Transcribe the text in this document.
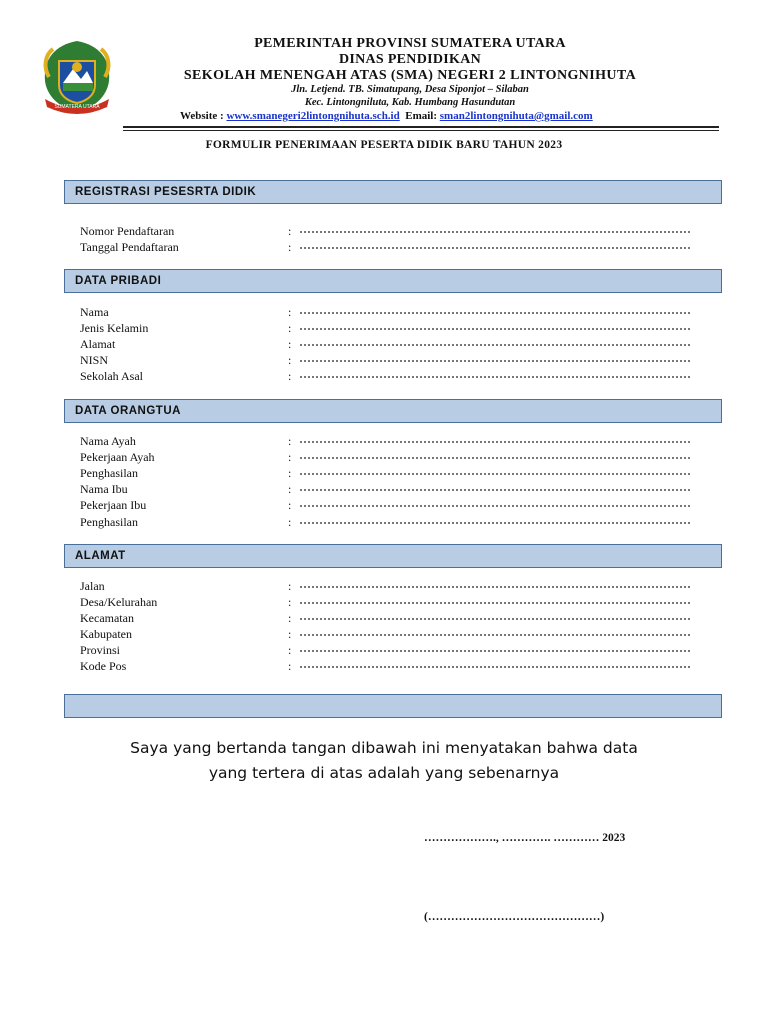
SUMATERA UTARA
PEMERINTAH PROVINSI SUMATERA UTARA
DINAS PENDIDIKAN
SEKOLAH MENENGAH ATAS (SMA) NEGERI 2 LINTONGNIHUTA
Jln. Letjend. TB. Simatupang, Desa Siponjot – Silaban
Kec. Lintongniluta, Kab. Humbang Hasundutan
Website : www.smanegeri2lintongnihuta.sch.id Email: sman2lintongnihuta@gmail.com
FORMULIR PENERIMAAN PESERTA DIDIK BARU TAHUN 2023
REGISTRASI PESESRTA DIDIK
Nomor Pendaftaran	:
Tanggal Pendaftaran	:
DATA PRIBADI
Nama	:
Jenis Kelamin	:
Alamat	:
NISN	:
Sekolah Asal	:
DATA ORANGTUA
Nama Ayah	:
Pekerjaan Ayah	:
Penghasilan	:
Nama Ibu	:
Pekerjaan Ibu	:
Penghasilan	:
ALAMAT
Jalan	:
Desa/Kelurahan	:
Kecamatan	:
Kabupaten	:
Provinsi	:
Kode Pos	:
Saya yang bertanda tangan dibawah ini menyatakan bahwa data
yang tertera di atas adalah yang sebenarnya
………………., …………. ………… 2023
(………………………………………)
